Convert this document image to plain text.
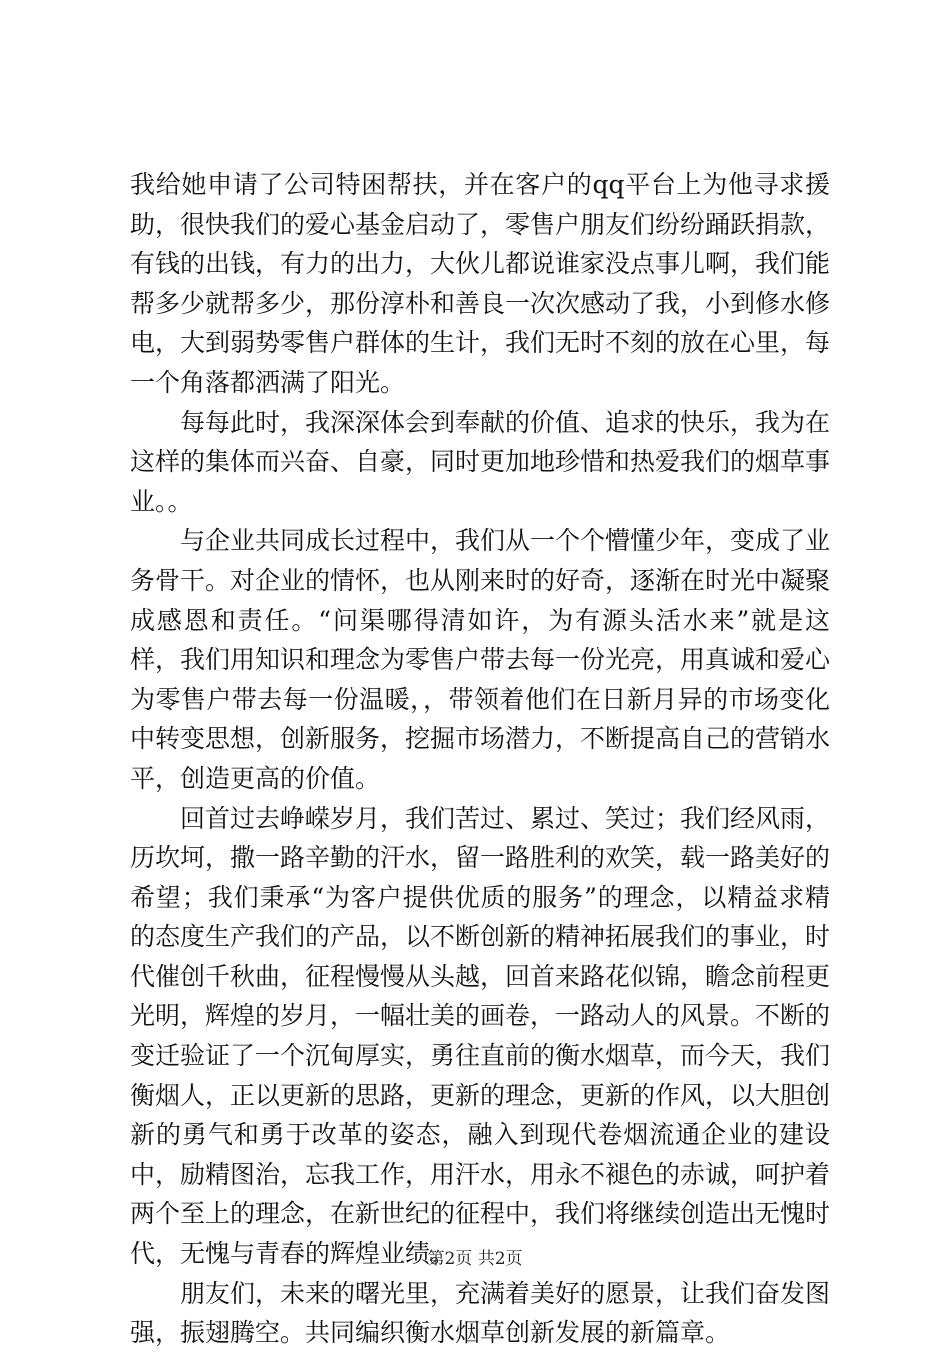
我给她申请了公司特困帮扶，并在客户的qq平台上为他寻求援助，很快我们的爱心基金启动了，零售户朋友们纷纷踊跃捐款，有钱的出钱，有力的出力，大伙儿都说谁家没点事儿啊，我们能帮多少就帮多少，那份淳朴和善良一次次感动了我，小到修水修电，大到弱势零售户群体的生计，我们无时不刻的放在心里，每一个角落都洒满了阳光。

每每此时，我深深体会到奉献的价值、追求的快乐，我为在这样的集体而兴奋、自豪，同时更加地珍惜和热爱我们的烟草事业。。

与企业共同成长过程中，我们从一个个懵懂少年，变成了业务骨干。对企业的情怀，也从刚来时的好奇，逐渐在时光中凝聚成感恩和责任。“问渠哪得清如许，为有源头活水来”就是这样，我们用知识和理念为零售户带去每一份光亮，用真诚和爱心为零售户带去每一份温暖，，带领着他们在日新月异的市场变化中转变思想，创新服务，挖掘市场潜力，不断提高自己的营销水平，创造更高的价值。

回首过去峥嵘岁月，我们苦过、累过、笑过；我们经风雨，历坎坷，撒一路辛勤的汗水，留一路胜利的欢笑，载一路美好的希望；我们秉承“为客户提供优质的服务”的理念，以精益求精的态度生产我们的产品，以不断创新的精神拓展我们的事业，时代催创千秋曲，征程慢慢从头越，回首来路花似锦，瞻念前程更光明，辉煌的岁月，一幅壮美的画卷，一路动人的风景。不断的变迁验证了一个沉甸厚实，勇往直前的衡水烟草，而今天，我们衡烟人，正以更新的思路，更新的理念，更新的作风，以大胆创新的勇气和勇于改革的姿态，融入到现代卷烟流通企业的建设中，励精图治，忘我工作，用汗水，用永不褪色的赤诚，呵护着两个至上的理念，在新世纪的征程中，我们将继续创造出无愧时代，无愧与青春的辉煌业绩。

朋友们，未来的曙光里，充满着美好的愿景，让我们奋发图强，振翅腾空。共同编织衡水烟草创新发展的新篇章。

第2页 共2页
